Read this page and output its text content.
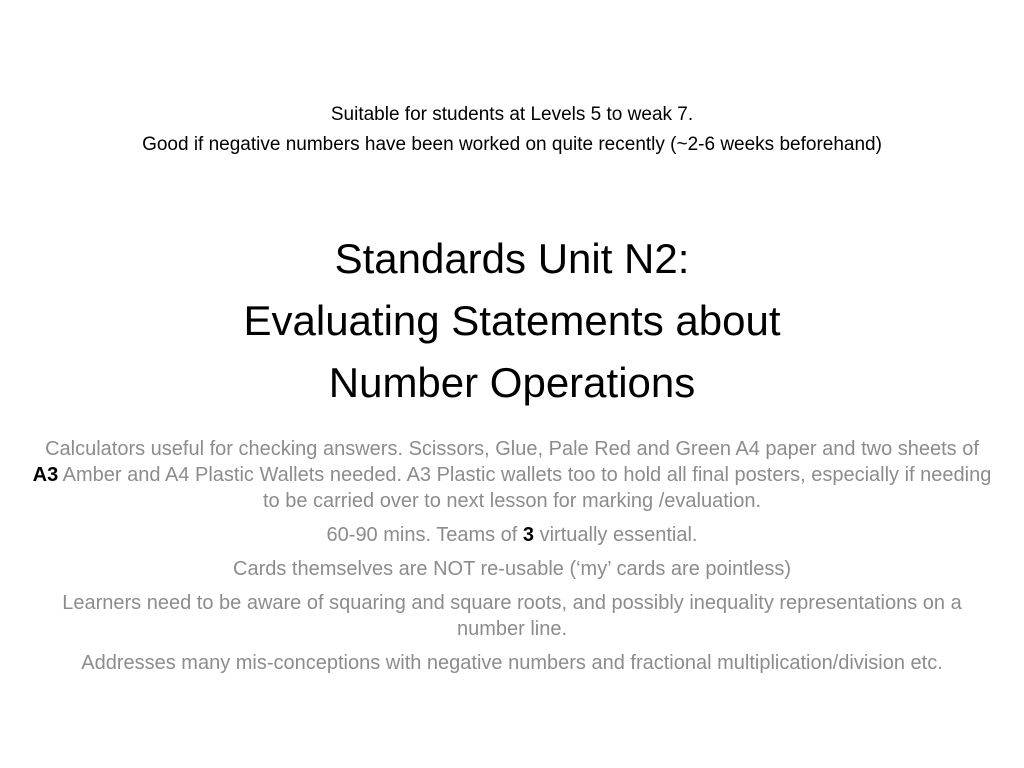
Suitable for students at Levels 5 to weak 7.
Good if negative numbers have been worked on quite recently (~2-6 weeks beforehand)
Standards Unit N2:
Evaluating Statements about
Number Operations

Calculators useful for checking answers. Scissors, Glue, Pale Red and Green A4 paper and two sheets of A3 Amber and A4 Plastic Wallets needed. A3 Plastic wallets too to hold all final posters, especially if needing to be carried over to next lesson for marking /evaluation.

60-90 mins. Teams of 3 virtually essential.

Cards themselves are NOT re-usable (‘my’ cards are pointless)

Learners need to be aware of squaring and square roots, and possibly inequality representations on a number line.

Addresses many mis-conceptions with negative numbers and fractional multiplication/division etc.
